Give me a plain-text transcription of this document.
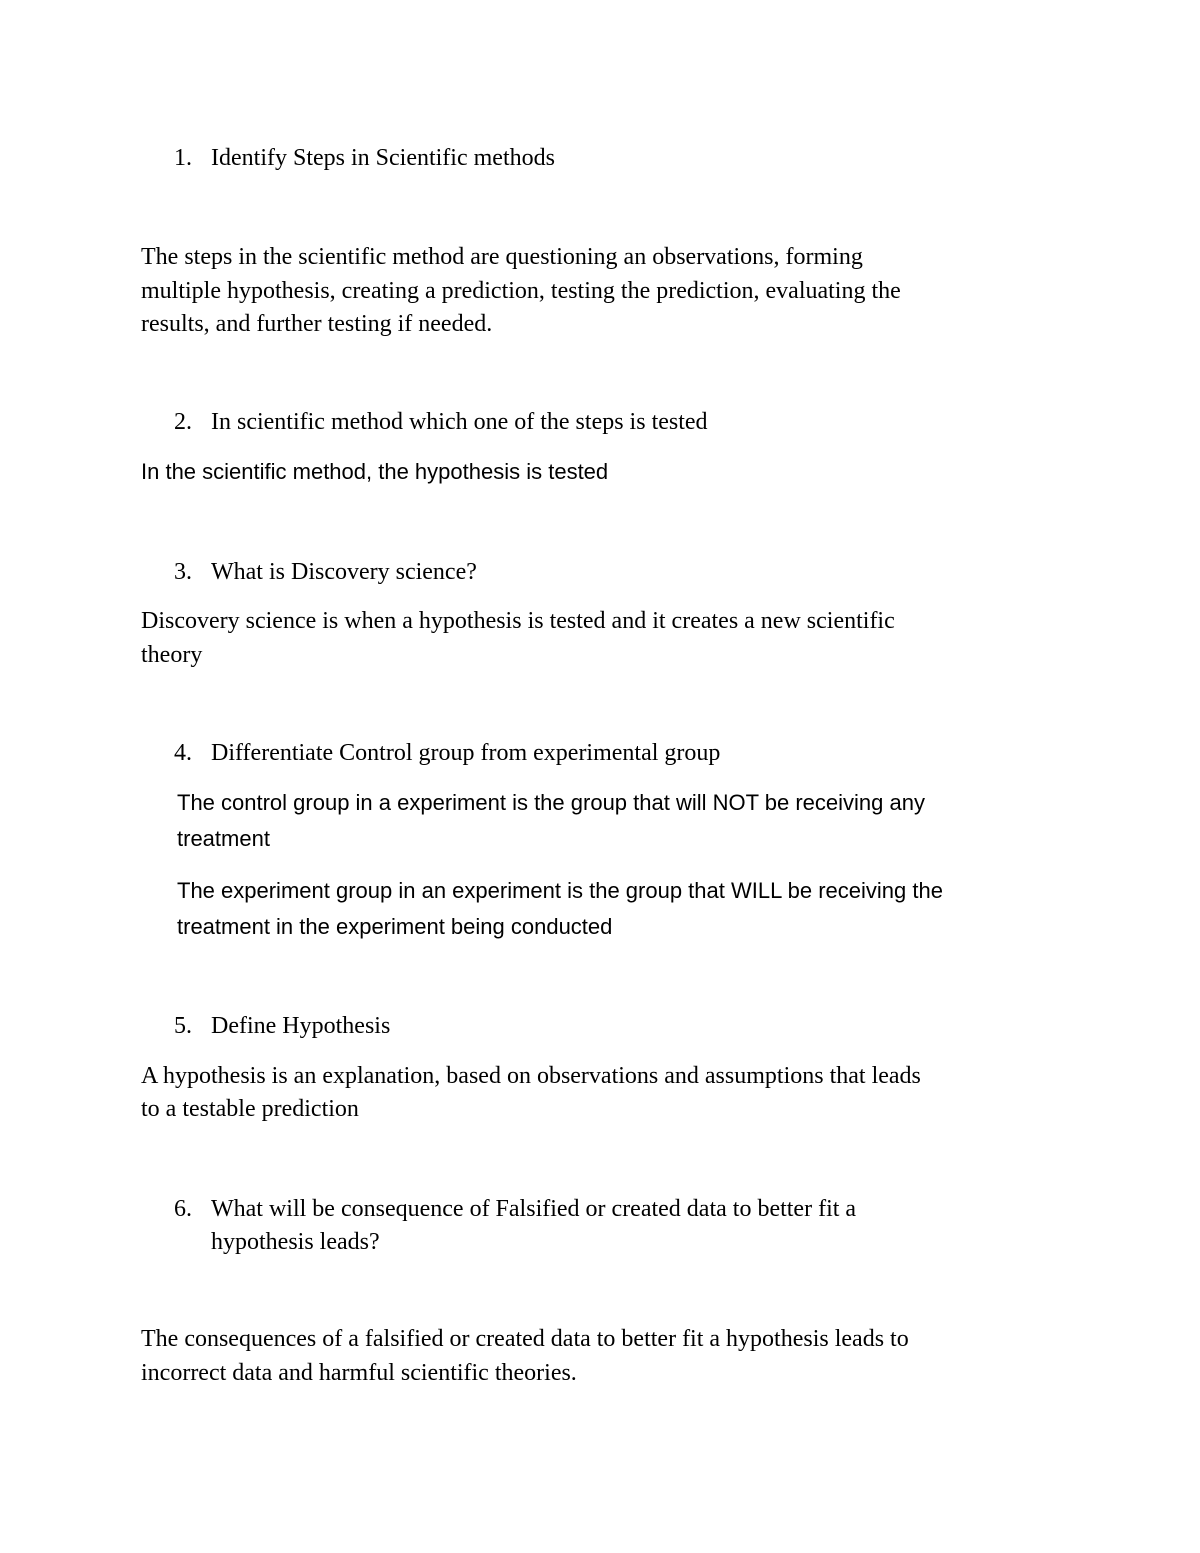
1. Identify Steps in Scientific methods
The steps in the scientific method are questioning an observations, forming
multiple hypothesis, creating a prediction, testing the prediction, evaluating the
results, and further testing if needed.
2. In scientific method which one of the steps is tested
In the scientific method, the hypothesis is tested
3. What is Discovery science?
Discovery science is when a hypothesis is tested and it creates a new scientific
theory
4. Differentiate Control group from experimental group
The control group in a experiment is the group that will NOT be receiving any
treatment
The experiment group in an experiment is the group that WILL be receiving the
treatment in the experiment being conducted
5. Define Hypothesis
A hypothesis is an explanation, based on observations and assumptions that leads
to a testable prediction
6. What will be consequence of Falsified or created data to better fit a
hypothesis leads?
The consequences of a falsified or created data to better fit a hypothesis leads to
incorrect data and harmful scientific theories.
